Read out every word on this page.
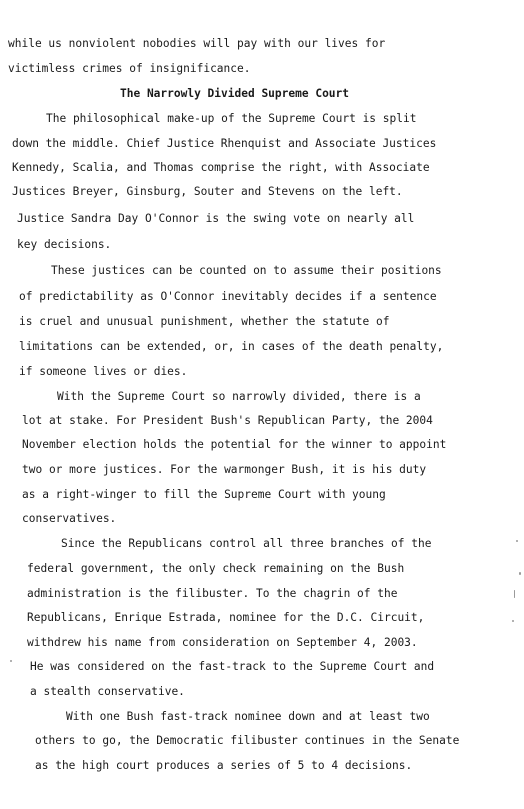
while us nonviolent nobodies will pay with our lives for
victimless crimes of insignificance.
The Narrowly Divided Supreme Court
The philosophical make-up of the Supreme Court is split
down the middle. Chief Justice Rhenquist and Associate Justices
Kennedy, Scalia, and Thomas comprise the right, with Associate
Justices Breyer, Ginsburg, Souter and Stevens on the left.
Justice Sandra Day O'Connor is the swing vote on nearly all
key decisions.
These justices can be counted on to assume their positions
of predictability as O'Connor inevitably decides if a sentence
is cruel and unusual punishment, whether the statute of
limitations can be extended, or, in cases of the death penalty,
if someone lives or dies.
With the Supreme Court so narrowly divided, there is a
lot at stake. For President Bush's Republican Party, the 2004
November election holds the potential for the winner to appoint
two or more justices. For the warmonger Bush, it is his duty
as a right-winger to fill the Supreme Court with young
conservatives.
Since the Republicans control all three branches of the
federal government, the only check remaining on the Bush
administration is the filibuster. To the chagrin of the
Republicans, Enrique Estrada, nominee for the D.C. Circuit,
withdrew his name from consideration on September 4, 2003.
He was considered on the fast-track to the Supreme Court and
a stealth conservative.
With one Bush fast-track nominee down and at least two
others to go, the Democratic filibuster continues in the Senate
as the high court produces a series of 5 to 4 decisions.
